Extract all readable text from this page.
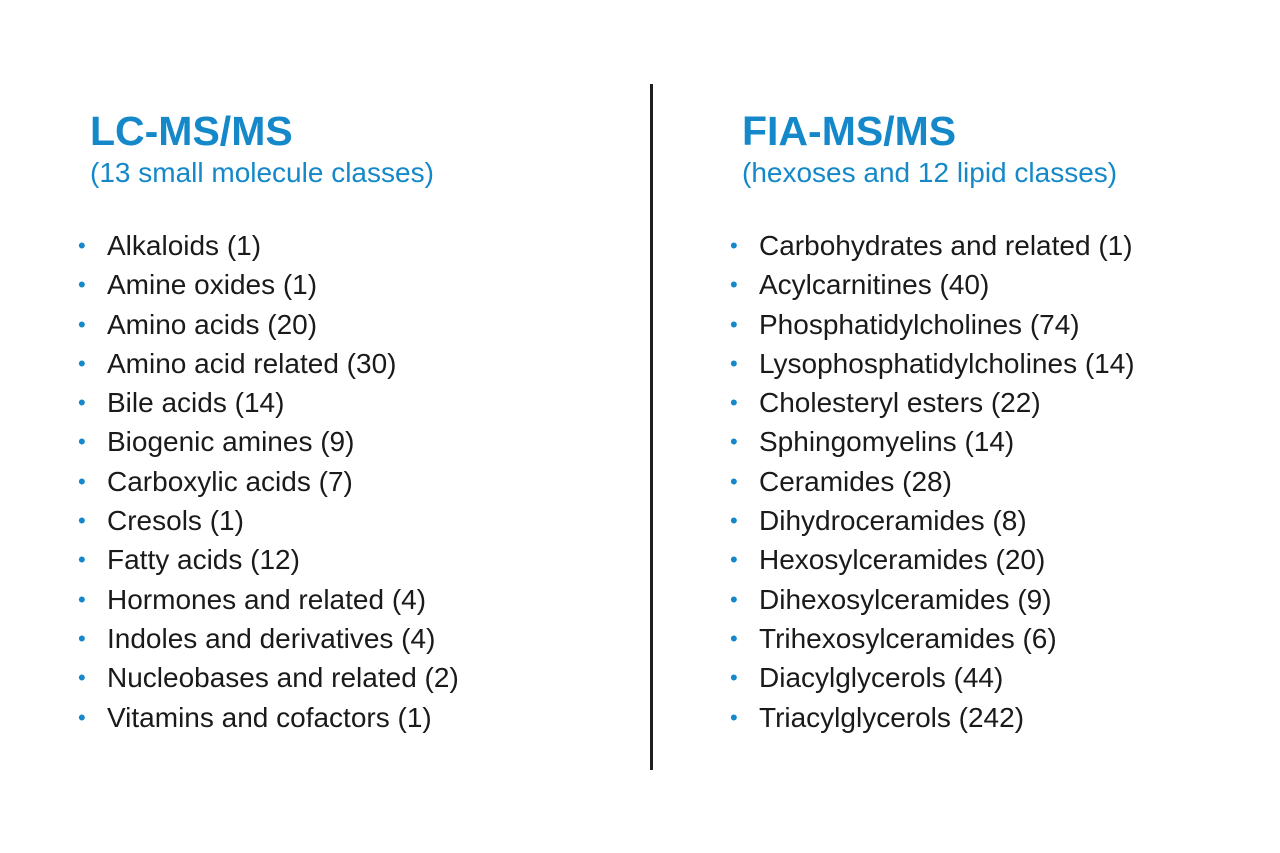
LC-MS/MS
(13 small molecule classes)
• Alkaloids (1)
• Amine oxides (1)
• Amino acids (20)
• Amino acid related (30)
• Bile acids (14)
• Biogenic amines (9)
• Carboxylic acids (7)
• Cresols (1)
• Fatty acids (12)
• Hormones and related (4)
• Indoles and derivatives (4)
• Nucleobases and related (2)
• Vitamins and cofactors (1)
FIA-MS/MS
(hexoses and 12 lipid classes)
• Carbohydrates and related (1)
• Acylcarnitines (40)
• Phosphatidylcholines (74)
• Lysophosphatidylcholines (14)
• Cholesteryl esters (22)
• Sphingomyelins (14)
• Ceramides (28)
• Dihydroceramides (8)
• Hexosylceramides (20)
• Dihexosylceramides (9)
• Trihexosylceramides (6)
• Diacylglycerols (44)
• Triacylglycerols (242)
